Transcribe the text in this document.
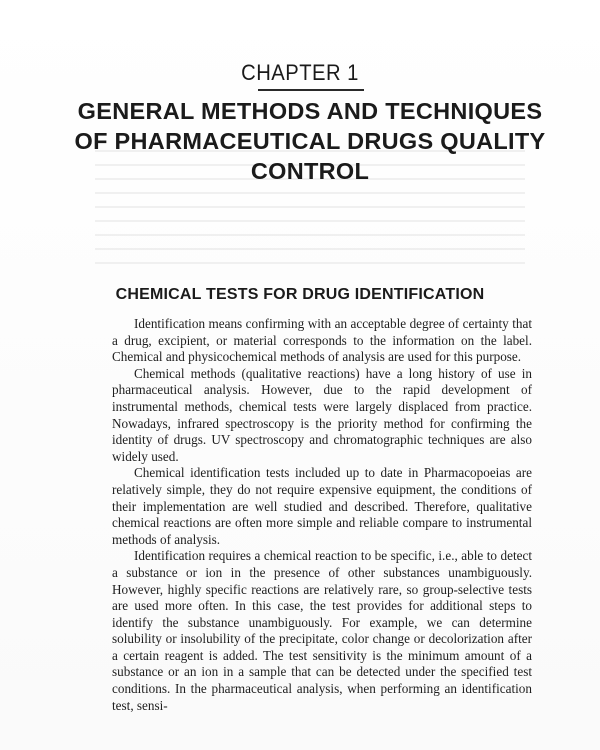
CHAPTER 1
GENERAL METHODS AND TECHNIQUES OF PHARMACEUTICAL DRUGS QUALITY CONTROL
CHEMICAL TESTS FOR DRUG IDENTIFICATION

Identification means confirming with an acceptable degree of certainty that a drug, excipient, or material corresponds to the information on the label. Chemical and physicochemical methods of analysis are used for this purpose.

Chemical methods (qualitative reactions) have a long history of use in pharmaceutical analysis. However, due to the rapid development of instrumental methods, chemical tests were largely displaced from practice. Nowadays, infrared spectroscopy is the priority method for confirming the identity of drugs. UV spectroscopy and chromatographic techniques are also widely used.

Chemical identification tests included up to date in Pharmacopoeias are relatively simple, they do not require expensive equipment, the conditions of their implementation are well studied and described. Therefore, qualitative chemical reactions are often more simple and reliable compare to instrumental methods of analysis.

Identification requires a chemical reaction to be specific, i.e., able to detect a substance or ion in the presence of other substances unambiguously. However, highly specific reactions are relatively rare, so group-selective tests are used more often. In this case, the test provides for additional steps to identify the substance unambiguously. For example, we can determine solubility or insolubility of the precipitate, color change or decolorization after a certain reagent is added. The test sensitivity is the minimum amount of a substance or an ion in a sample that can be detected under the specified test conditions. In the pharmaceutical analysis, when performing an identification test, sensi-
